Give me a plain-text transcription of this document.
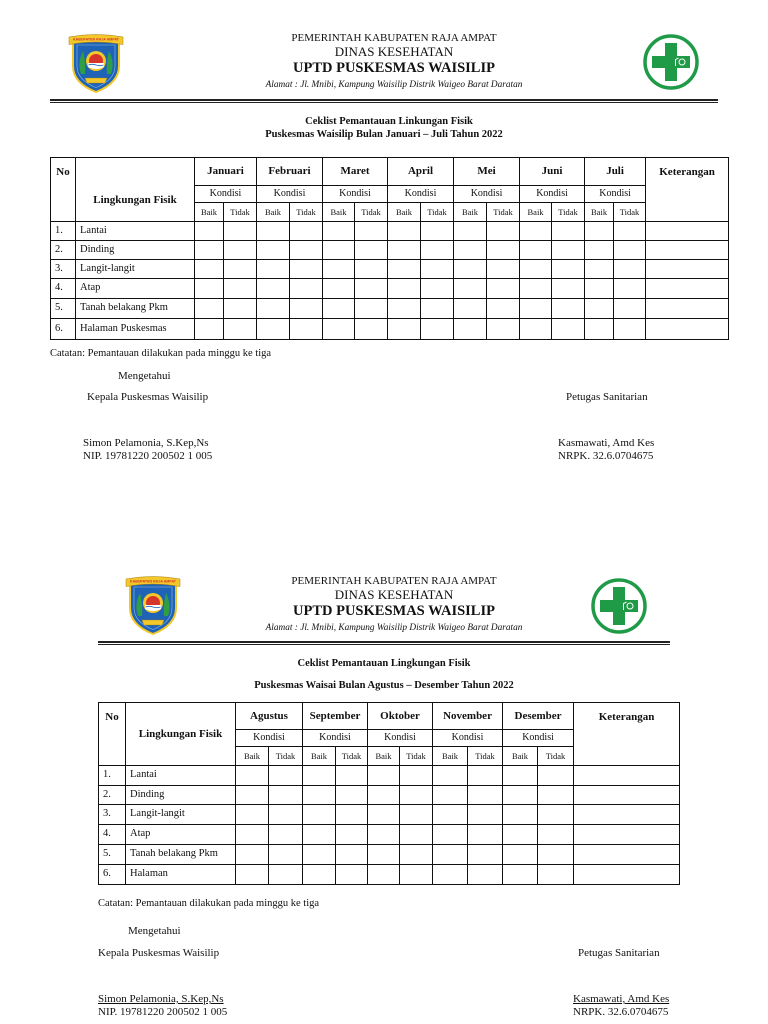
KABUPATEN RAJA AMPAT	PEMERINTAH KABUPATEN RAJA AMPAT
DINAS KESEHATAN
UPTD PUSKESMAS WAISILIP
Alamat : Jl. Mnibi, Kampung Waisilip Distrik Waigeo Barat Daratan
Ceklist Pemantauan Linkungan Fisik
Puskesmas Waisilip Bulan Januari – Juli Tahun 2022
No	Lingkungan Fisik	Januari		Februari		Maret		April		Mei		Juni		Juli		Keterangan
		Kondisi		Kondisi		Kondisi		Kondisi		Kondisi		Kondisi		Kondisi		
		Baik	Tidak	Baik	Tidak	Baik	Tidak	Baik	Tidak	Baik	Tidak	Baik	Tidak	Baik	Tidak	
1.	Lantai															
2.	Dinding															
3.	Langit-langit															
4.	Atap															
5.	Tanah belakang Pkm															
6.	Halaman Puskesmas															
Catatan: Pemantauan dilakukan pada minggu ke tiga
Mengetahui
Kepala Puskesmas Waisilip	Petugas Sanitarian
Simon Pelamonia, S.Kep,Ns
NIP. 19781220 200502 1 005
Kasmawati, Amd Kes
NRPK. 32.6.0704675
KABUPATEN RAJA AMPAT	PEMERINTAH KABUPATEN RAJA AMPAT
DINAS KESEHATAN
UPTD PUSKESMAS WAISILIP
Alamat : Jl. Mnibi, Kampung Waisilip Distrik Waigeo Barat Daratan
Ceklist Pemantauan Lingkungan Fisik
Puskesmas Waisai Bulan Agustus – Desember Tahun 2022
No	Lingkungan Fisik	Agustus		September		Oktober		November		Desember		Keterangan
		Kondisi		Kondisi		Kondisi		Kondisi		Kondisi		
		Baik	Tidak	Baik	Tidak	Baik	Tidak	Baik	Tidak	Baik	Tidak	
1.	Lantai											
2.	Dinding											
3.	Langit-langit											
4.	Atap											
5.	Tanah belakang Pkm											
6.	Halaman											
Catatan: Pemantauan dilakukan pada minggu ke tiga
Mengetahui
Kepala Puskesmas Waisilip	Petugas Sanitarian
Simon Pelamonia, S.Kep,Ns
NIP. 19781220 200502 1 005
Kasmawati, Amd Kes
NRPK. 32.6.0704675
